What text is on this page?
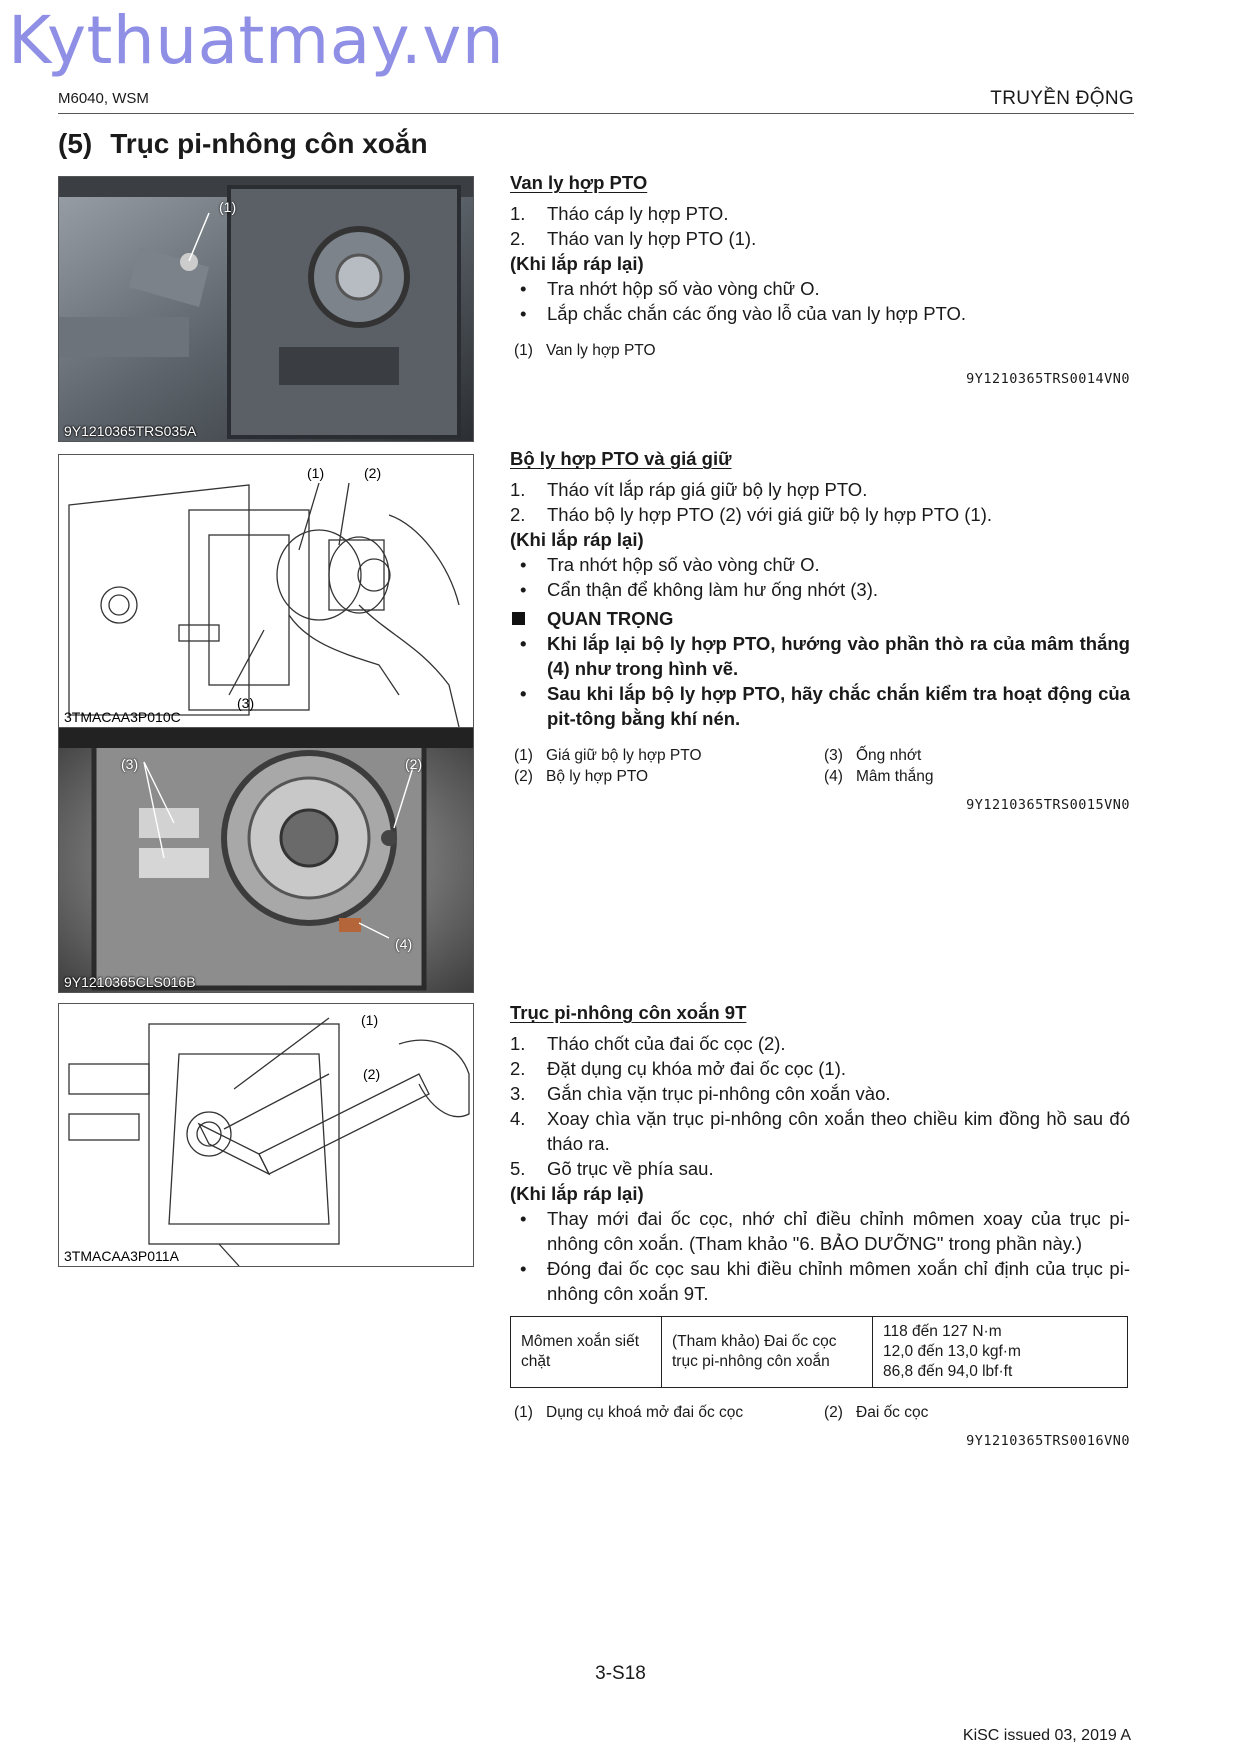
Kythuatmay.vn
M6040, WSM	TRUYỀN ĐỘNG
(5) Trục pi-nhông côn xoắn
(1)
9Y1210365TRS035A
(1)	(2)
(3)
3TMACAA3P010C
(3)	(2)
(4)
9Y1210365CLS016B
(1)
(2)
3TMACAA3P011A
Van ly hợp PTO
1. Tháo cáp ly hợp PTO.
2. Tháo van ly hợp PTO (1).
(Khi lắp ráp lại)
• Tra nhớt hộp số vào vòng chữ O.
• Lắp chắc chắn các ống vào lỗ của van ly hợp PTO.
(1) Van ly hợp PTO
9Y1210365TRS0014VN0
Bộ ly hợp PTO và giá giữ
1. Tháo vít lắp ráp giá giữ bộ ly hợp PTO.
2. Tháo bộ ly hợp PTO (2) với giá giữ bộ ly hợp PTO (1).
(Khi lắp ráp lại)
• Tra nhớt hộp số vào vòng chữ O.
• Cẩn thận để không làm hư ống nhớt (3).
QUAN TRỌNG
• Khi lắp lại bộ ly hợp PTO, hướng vào phần thò ra của mâm thắng (4) như trong hình vẽ.
• Sau khi lắp bộ ly hợp PTO, hãy chắc chắn kiểm tra hoạt động của pit-tông bằng khí nén.
(1) Giá giữ bộ ly hợp PTO	(3) Ống nhớt
(2) Bộ ly hợp PTO	(4) Mâm thắng
9Y1210365TRS0015VN0
Trục pi-nhông côn xoắn 9T
1. Tháo chốt của đai ốc cọc (2).
2. Đặt dụng cụ khóa mở đai ốc cọc (1).
3. Gắn chìa vặn trục pi-nhông côn xoắn vào.
4. Xoay chìa vặn trục pi-nhông côn xoắn theo chiều kim đồng hồ sau đó tháo ra.
5. Gõ trục về phía sau.
(Khi lắp ráp lại)
• Thay mới đai ốc cọc, nhớ chỉ điều chỉnh mômen xoay của trục pi-nhông côn xoắn. (Tham khảo "6. BẢO DƯỠNG" trong phần này.)
• Đóng đai ốc cọc sau khi điều chỉnh mômen xoắn chỉ định của trục pi-nhông côn xoắn 9T.
Mômen xoắn siết chặt	(Tham khảo) Đai ốc cọc trục pi-nhông côn xoắn	
118 đến 127 N·m
12,0 đến 13,0 kgf·m
86,8 đến 94,0 lbf·ft
(1) Dụng cụ khoá mở đai ốc cọc	(2) Đai ốc cọc
9Y1210365TRS0016VN0
3-S18
KiSC issued 03, 2019 A
